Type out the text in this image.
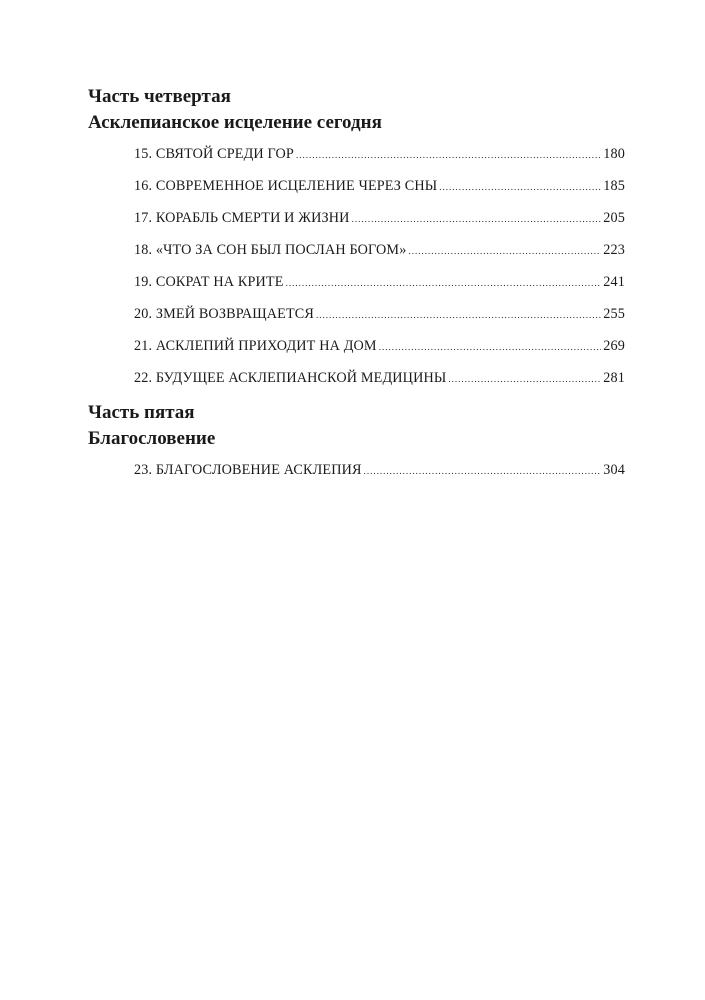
Часть четвертая
Асклепианское исцеление сегодня
15. СВЯТОЙ СРЕДИ ГОР .....	180
16. СОВРЕМЕННОЕ ИСЦЕЛЕНИЕ ЧЕРЕЗ СНЫ .....	185
17. КОРАБЛЬ СМЕРТИ И ЖИЗНИ .....	205
18. «ЧТО ЗА СОН БЫЛ ПОСЛАН БОГОМ» .....	223
19. СОКРАТ НА КРИТЕ .....	241
20. ЗМЕЙ ВОЗВРАЩАЕТСЯ .....	255
21. АСКЛЕПИЙ ПРИХОДИТ НА ДОМ .....	269
22. БУДУЩЕЕ АСКЛЕПИАНСКОЙ МЕДИЦИНЫ .....	281
Часть пятая
Благословение
23. БЛАГОСЛОВЕНИЕ АСКЛЕПИЯ .....	304
